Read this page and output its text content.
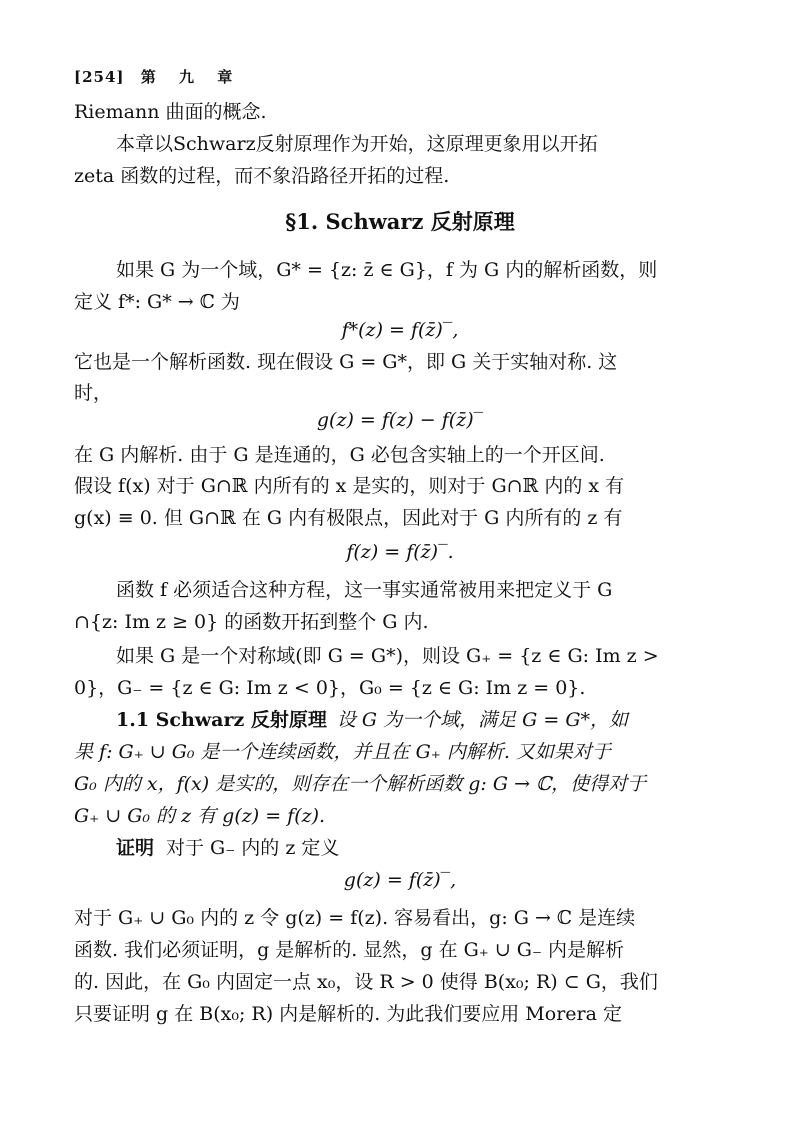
[254] 第 九 章
Riemann 曲面的概念.
本章以Schwarz反射原理作为开始，这原理更象用以开拓
zeta 函数的过程，而不象沿路径开拓的过程.
§1. Schwarz 反射原理
如果 G 为一个域，G* = {z: z̄ ∈ G}，f 为 G 内的解析函数，则
定义 f*: G* → ℂ 为
f*(z) = f(z̄)‾,
它也是一个解析函数. 现在假设 G = G*，即 G 关于实轴对称. 这
时，
g(z) = f(z) − f(z̄)‾
在 G 内解析. 由于 G 是连通的，G 必包含实轴上的一个开区间.
假设 f(x) 对于 G∩ℝ 内所有的 x 是实的，则对于 G∩ℝ 内的 x 有
g(x) ≡ 0. 但 G∩ℝ 在 G 内有极限点，因此对于 G 内所有的 z 有
f(z) = f(z̄)‾.
函数 f 必须适合这种方程，这一事实通常被用来把定义于 G
∩{z: Im z ≥ 0} 的函数开拓到整个 G 内.
如果 G 是一个对称域(即 G = G*)，则设 G₊ = {z ∈ G: Im z >
0}，G₋ = {z ∈ G: Im z < 0}，G₀ = {z ∈ G: Im z = 0}.
1.1 Schwarz 反射原理 设 G 为一个域，满足 G = G*，如
果 f: G₊ ∪ G₀ 是一个连续函数，并且在 G₊ 内解析. 又如果对于
G₀ 内的 x，f(x) 是实的，则存在一个解析函数 g: G → ℂ，使得对于
G₊ ∪ G₀ 的 z 有 g(z) = f(z).
证明 对于 G₋ 内的 z 定义
g(z) = f(z̄)‾,
对于 G₊ ∪ G₀ 内的 z 令 g(z) = f(z). 容易看出，g: G → ℂ 是连续
函数. 我们必须证明，g 是解析的. 显然，g 在 G₊ ∪ G₋ 内是解析
的. 因此，在 G₀ 内固定一点 x₀，设 R > 0 使得 B(x₀; R) ⊂ G，我们
只要证明 g 在 B(x₀; R) 内是解析的. 为此我们要应用 Morera 定
